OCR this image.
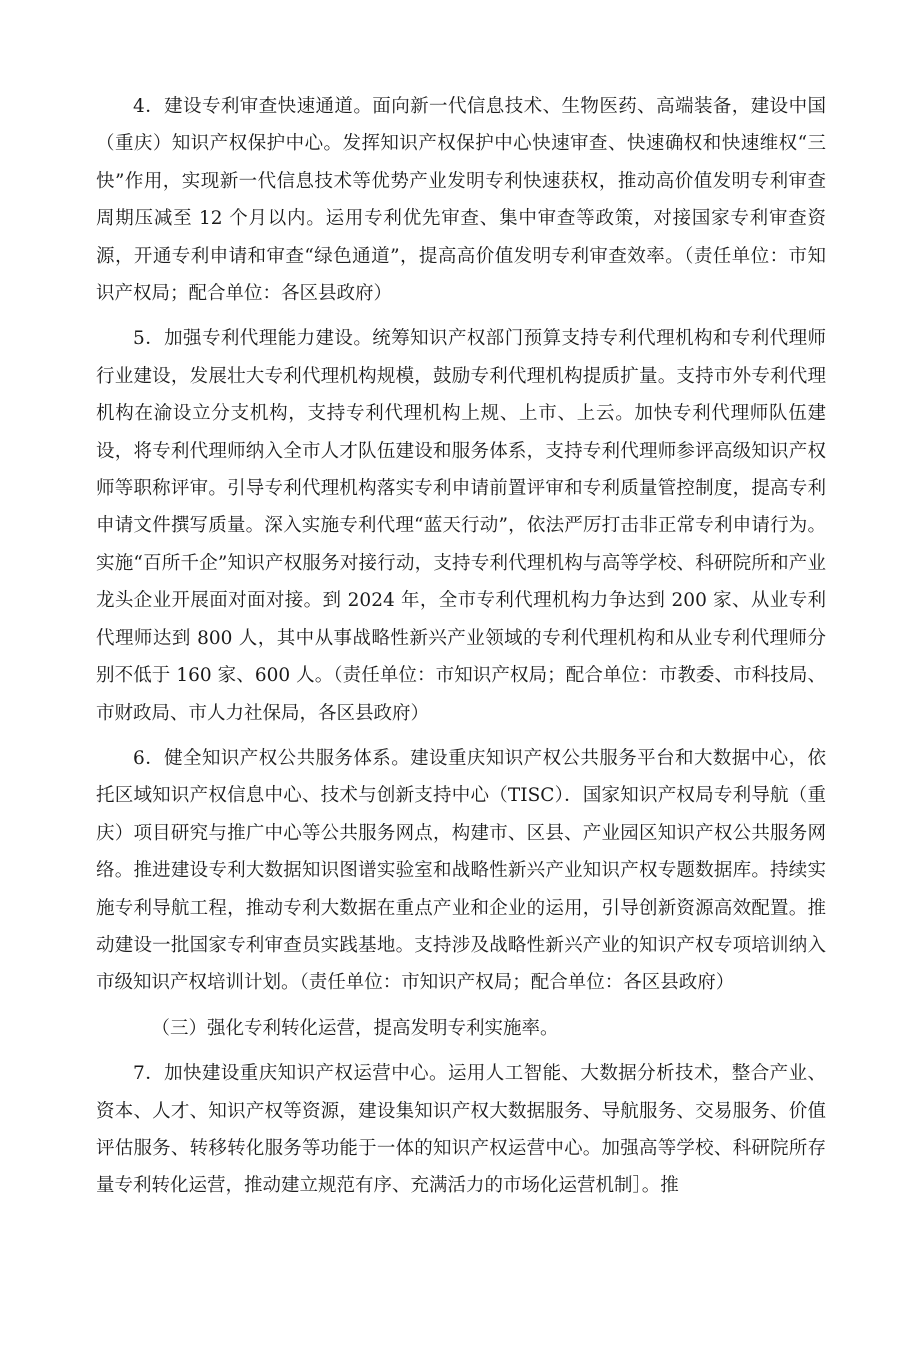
4．建设专利审查快速通道。面向新一代信息技术、生物医药、高端装备，建设中国（重庆）知识产权保护中心。发挥知识产权保护中心快速审查、快速确权和快速维权“三快”作用，实现新一代信息技术等优势产业发明专利快速获权，推动高价值发明专利审查周期压减至 12 个月以内。运用专利优先审查、集中审查等政策，对接国家专利审查资源，开通专利申请和审查“绿色通道”，提高高价值发明专利审查效率。（责任单位：市知识产权局；配合单位：各区县政府）

5．加强专利代理能力建设。统筹知识产权部门预算支持专利代理机构和专利代理师行业建设，发展壮大专利代理机构规模，鼓励专利代理机构提质扩量。支持市外专利代理机构在渝设立分支机构，支持专利代理机构上规、上市、上云。加快专利代理师队伍建设，将专利代理师纳入全市人才队伍建设和服务体系，支持专利代理师参评高级知识产权师等职称评审。引导专利代理机构落实专利申请前置评审和专利质量管控制度，提高专利申请文件撰写质量。深入实施专利代理“蓝天行动”，依法严厉打击非正常专利申请行为。实施“百所千企”知识产权服务对接行动，支持专利代理机构与高等学校、科研院所和产业龙头企业开展面对面对接。到 2024 年，全市专利代理机构力争达到 200 家、从业专利代理师达到 800 人，其中从事战略性新兴产业领域的专利代理机构和从业专利代理师分别不低于 160 家、600 人。（责任单位：市知识产权局；配合单位：市教委、市科技局、市财政局、市人力社保局，各区县政府）

6．健全知识产权公共服务体系。建设重庆知识产权公共服务平台和大数据中心，依托区域知识产权信息中心、技术与创新支持中心（TISC）．国家知识产权局专利导航（重庆）项目研究与推广中心等公共服务网点，构建市、区县、产业园区知识产权公共服务网络。推进建设专利大数据知识图谱实验室和战略性新兴产业知识产权专题数据库。持续实施专利导航工程，推动专利大数据在重点产业和企业的运用，引导创新资源高效配置。推动建设一批国家专利审查员实践基地。支持涉及战略性新兴产业的知识产权专项培训纳入市级知识产权培训计划。（责任单位：市知识产权局；配合单位：各区县政府）

（三）强化专利转化运营，提高发明专利实施率。

7．加快建设重庆知识产权运营中心。运用人工智能、大数据分析技术，整合产业、资本、人才、知识产权等资源，建设集知识产权大数据服务、导航服务、交易服务、价值评估服务、转移转化服务等功能于一体的知识产权运营中心。加强高等学校、科研院所存量专利转化运营，推动建立规范有序、充满活力的市场化运营机制］。推
